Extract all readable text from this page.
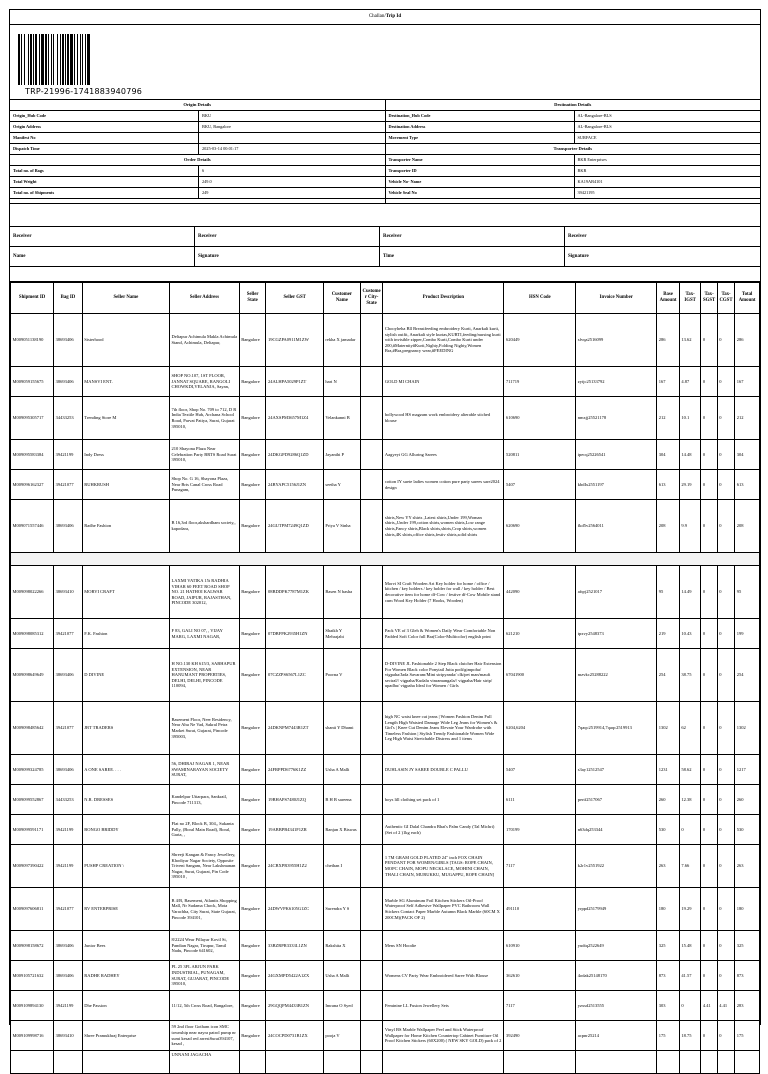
Challan/Trip Id
TRP-21996-1741883940796
Origin Details
Origin_Hub Code	BKU
Origin Address	BKU, Bangalore
Manifest No
Dispatch Time	2025-03-14 00:01:17
Order Details
Total no. of Bags	6
Total Weight	249.0
Total no. of Shipments	249
Destination Details
Destination_Hub Code	AL-Bangalore-BLS
Destination Address	AL-Bangalore-BLS
Movement Type	SURFACE
Transporter Details
Transporter Name	BKR Enterprises
Transporter ID	BKR
Vehicle No- Name	KA19AB4101
Vehicle Seal No	39421195
Receiver	Receiver	Receiver	Receiver
Name	Signature	Time	Signature
Shipment ID	Bag ID	Seller Name	Seller Address	Seller State	Seller GST	Customer Name	Customer City- State	Product Description	HSN Code	Invoice Number	Base Amount	Tax- IGST	Tax- SGST	Tax- CGST	Total Amount
M009051138190	38693406	Sisterhood	Deltapur Achimula Makla Achimula Stand, Achimula, Deltapur,	Bangalore	19CGZPA0911M1ZW	rekha X jamadar		Chooyheha Bll Breastfeeding embroidery Kurti, Anarkali kurti, stylish outfit, Anarkali style kurtas,KURTI,feeding/nursing kurti with invisible zipper,Combo Kurti,Combo Kurti under 200,#Maternity#Kurti,Nighty,Folding Nighty,Women Bra,#Bra,pregnancy wear,#FEEDING	620449	sfvqa2516099	286	13.62	0	0	286
M009059155675	38693406	MANSVI ENT.	SHOP NO.107, 1ST FLOOR, JANNAT SQUARE, RANGOLI CHOWKDI,VELANJA, Sayan,	Bangalore	24ALHPA5029P1ZT	hari N		GOLD MI CHAIN	711719	zytjc25133792	167	4.87	0	0	167
M009095305717	34433253	Trending Store M	7th floor, Shop No. 709 to 712, D R India Textile Hub, Archana School Road, Parvat Patiya, Surat, Gujarat 395010,	Bangalore	24AXSPM3657M1Z4	Velankanni B		bollywood HS magzam work embroidery alterable stiched blouse	610690	nmxjj25521178	212	10.1	0	0	212
M009095583384	39421199	Indy Dress	210 Shayona Plaza Near Celebration Party BRTS Road Surat 395010,	Bangalore	24DKGPD9286Q1ZD	Jayanthi P		Aagyeyi GG Alluring Sarees	520811	ipecq25226541	304	14.48	0	0	304
M009096162327	39421077	RUHKRUSH	Shop No. G 16, Shayona Plaza, Near Brts Canal Cross Road Punagam,	Bangalore	24BYAPC5156J1ZN	seetha Y		cotton IY suete ladies women cotton pure party sarees sare2024 design	5407	kbdIx2551197	613	29.19	0	0	613
M009071557446	38693406	Radhe Fashion	B 16,3rd floor,akshardham society,, kapodara,	Bangalore	24GUTPM7249Q1ZD	Priya V Sinha		shirts,New YY shirts ,Latest shirts,Under 199,Woman shirts,,Under 199,cotton shirts,women shirts,Low range shirts,Fancy shirts,Black shirts,shirts,Crop shirts,women shirts,4K shirts,office shirts,festiv shirts,solid shirts	620690	fkd5v2564011	208	9.9	0	0	208

M009098022266	38693410	MORVI CRAFT	LAXMI VATIKA 15t RADHIA VIHAR 60 FEET ROAD SHOP NO. 21 HATHOI KALWAR ROAD, JAIPUR, RAJASTHAN, PINCODE 302012,	Bangalore	08BDDPK7787M1ZK	Basen N basha		Morvi SI Craft Wooden Art Key holder for home / office / kitchen / key holders / key holder for wall / key holder / Best decorative item for home df-Cow / festive df-Cow Mobile stand cum Wood Key Holder (7 Hooks, Wooden)	442090	afqrj2521017	95	14.49	0	0	95
M009098085312	39421077	F.K. Fashion	F 83, GALI NO 07, , VIJAY MARG, LAXMI NAGAR,	Bangalore	07DBFPK2935H1ZN	Shaikh Y Mehrajabi		Pack VE of 3 Gleh & Women's Daily Wear Comfortable Non Padded Soft Color full Bra(Color-Multicolor) english print	621210	tpxvy2548373	219	10.43	0	0	199
M009098649649	38693406	D DIVINE	H NO.130 KH 615/3, SABHAPUR EXTENSION, NEAR HANUMANT PROPERTIES, DELHI, DELHI, PINCODE 110094,	Bangalore	07CZZPS6567L1ZC	Poorna V		D-DIVINE JL Fashionable 2 Step Black clutcher Hair Extension For Women Black color Ponytail Jutta podi/gimpoha/ vigpaha/Jada Savaram/Mini stripyanda/ clk/pet man/maufi sectral// vigpaha/Kudalu vinramangala// vigpaha/Hair strip/ upadhu/ vigpaha Ideal for Women / Girls	67041900	mzvkc25288222	254	38.75	0	0	254
M009098485642	39421077	JBT TRADERS	Basement Floor, Neer Residency, Near Ahu Ne Vad, Sakral Petra Market Surat, Gujarat, Pincode 395003,	Bangalore	24DKNPM7443R1ZT	shanti Y Dhami		high NC waist knee cut jeans | Women Fashion Denim Full Length High Waisted Damage Wide Leg Jeans for Women's & Girl's | Knee Cut Denim Jeans Elevate Your Wardrobe with Timeless Fashion | Stylish Trendy Fashionable Women Wide Leg High Waist Stretchable Distress and 1 items	6204,6204	7qaqc2519914,7qaqc2519913	1302	62	0	0	1302
M009099324785	38693406	A ONE SAREE. . . .	56, DHIRAJ NAGAR 1, NEAR SWAMINARAYAN SOCIETY SURAT,	Bangalore	24FRPPD6776K1ZZ	Usha A Malli		DUHLASIN JY SAREE DOUBLE C PALLU	5407	s3ay12512547	1231	58.62	0	0	1217
M009099552867	34433253	N.R. DRESSES	Kandelpur Uttarpara, Sankrail, Pincode 711313,	Bangalore	19BHAPS7480J1ZQ	B H B sareena		boys lill clothing set pack of 1	6111	pertf2517067	260	12.38	0	0	260
M009099591171	39421199	BONGO BRIDDY	Flat no 2F, Block B, 304,, Sukanta Pally, (Boral Main Road), Boral, Garia, ,	Bangalore	19ABBPB4341F1ZR	Ranjan X Biswas		Authentic GI Dalal Chandra Bhat's Palm Candy (Tal Michri) (Set of 2 )1kg each)	170199	n63dq253344	530	0	0	0	530
M009097390422	39421199	PUSHP CREATION \	Shreeji Kangan & Fancy Jewellery, Khodiyar Nagar Society, Opposite Triveni Sangam, Near Lakshmanan Nagar, Surat, Gujarat, Pin Code 395010 ,	Bangalore	24CBXPR3955H1Z2	chethan I		1 7M GRAM GOLD PLATED 24" inch FOX CHAIN PENDANT FOR WOMEN/GIRLS [TAGS: ROPE CHAIN, MOPC CHAIN, MOPU NECKLACE, MOHINI CHAIN, THALI CHAIN, MURUKKU, MUGAPPU, ROPE CHAIN]	7117	k2r1v2551922	263	7.66	0	0	263
M009097606811	39421077	RV ENTERPRISE	B 4/B, Basement, Atlantis Shopping Mall, Nr Sudama Chock, Mota Varachha, City Surat, State Gujarat, Pincode 394101,	Bangalore	24DWVPK6105G1ZC	Surendra Y S		Marble SG Aluminum Foil Kitchen Stickers Oil-Proof Waterproof Self Adhesive Wallpaper PVC Bathroom Wall Stickers Contact Paper Marble Autumn Black Marble (60CM X 200CM)(PACK OF 2)	491110	yrppd25179949	180	19.29	0	0	180
M009098158672	38693406	Junior Bees	8/2224 Wear Pillayar Kovil St, Pandian Nagar, Tirupur, Tamil Nadu, Pincode 641602,	Bangalore	33BZRPR3333L1ZN	Rakshita X		Mens SN Hoodie	610910	yudtq2522649	325	15.48	0	0	325
M009105721632	38693406	RADHE RADHEY	PL 25 3FL ARJUN PARK INDUSTRIAL, PUNAGAM, SURAT, GUJARAT, PINCODE 395010,	Bangalore	24GXMPD5422A1ZX	Usha A Malli		Womens CV Party Wear Embroidered Saree With Blouse	362610	4odak25148170	873	41.57	0	0	873
M009109894130	39421199	Dhe Passion	11/12, 5th Cross Road, Bangalore,	Bangalore	29GQQPM4433B1ZN	Imrana O Syed		Feminine LL Fusion Jewellery Sets	7117	yzxsd2513555	303	0	4.41	4.41	283
M009109998716	38693410	Shree Pramukhraj Enterprise	59 2nd floor Gotham icon SMC township near nayra patrol pump nr sumi kesad red arrestSurat394107, kesad ,	Bangalore	24COCPD0731B1ZX	pooja V		Vinyl BS Marble Wallpaper Peel and Stick Waterproof Wallpaper for Home Kitchen Countertop Cabinet Furniture Oil Proof Kitchen Stickers (60X200) ( NEW SKY GOLD) pack of 2	392490	acpnr25214	175	18.75	0	0	175
			UNNANI JAGACHA												
